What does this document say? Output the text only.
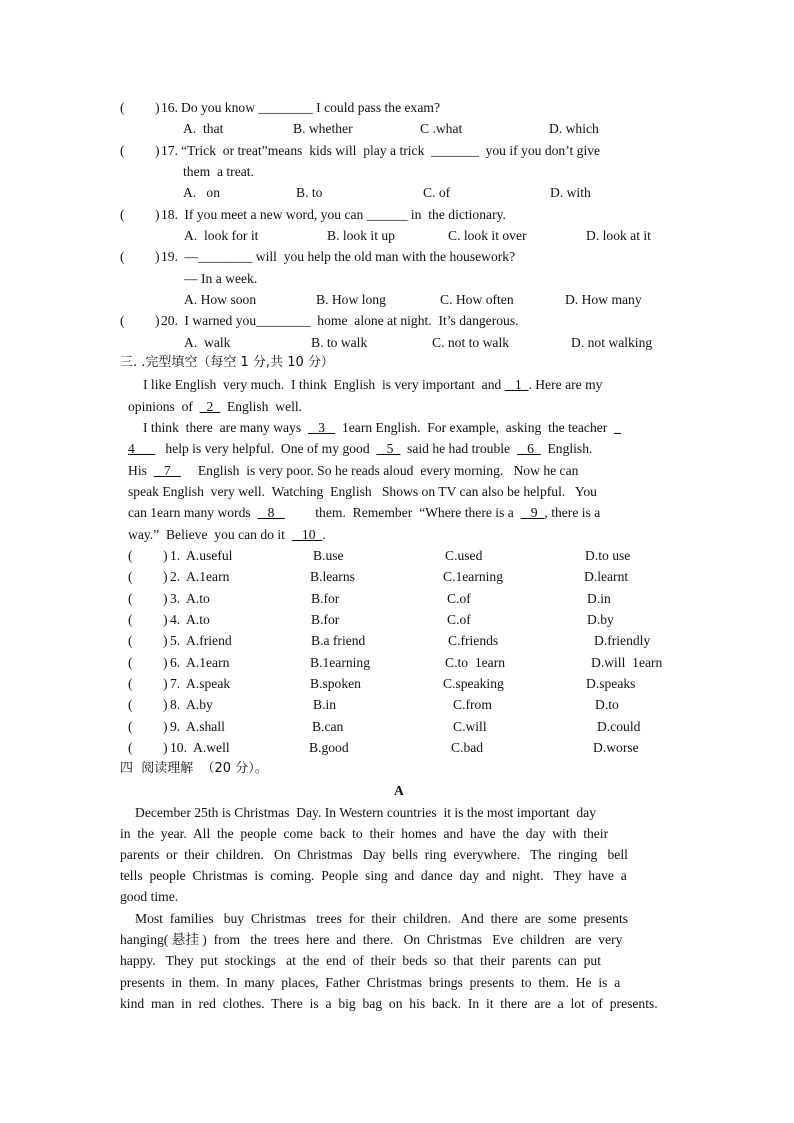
( ) 16. Do you know ________ I could pass the exam?
A.  that	B. whether	C .what	D. which
( ) 17. “Trick  or treat”means  kids will  play a trick  _______  you if you don’t give
them  a treat.
A.   on	B. to	C. of	D. with
( ) 18. If you meet a new word, you can ______ in  the dictionary.
A.  look for it	B. look it up	C. look it over	D. look at it
( ) 19. —________ will  you help the old man with the housework?
— In a week.
A. How soon	B. How long	C. How often	D. How many
( ) 20. I warned you________  home  alone at night.  It’s dangerous.
A.  walk	B. to walk	C. not to walk	D. not walking
三. .完型填空（每空 1 分,共 10 分）
I like English  very much.  I think  English  is very important  and  _1_. Here are my
opinions  of  _2_  English  well.
I think  there  are many ways   _3_   1earn English.  For example,  asking  the teacher  _
4___   help is very helpful.  One of my good   _5_  said he had trouble   _6_  English.
His   _7_      English  is very poor. So he reads aloud  every morning.   Now he can
speak English  very well.  Watching  English   Shows on TV can also be helpful.   You
can 1earn many words   _8_          them.  Remember  “Where there is a   _9_, there is a
way.”  Believe  you can do it   _10_.
( ) 1. A.useful	B.use	C.used	D.to use
( ) 2. A.1earn	B.learns	C.1earning	D.learnt
( ) 3. A.to	B.for	C.of	D.in
( ) 4. A.to	B.for	C.of	D.by
( ) 5. A.friend	B.a friend	C.friends	D.friendly
( ) 6. A.1earn	B.1earning	C.to  1earn	D.will  1earn
( ) 7. A.speak	B.spoken	C.speaking	D.speaks
( ) 8. A.by	B.in	C.from	D.to
( ) 9. A.shall	B.can	C.will	D.could
( ) 10. A.well	B.good	C.bad	D.worse
四  阅读理解  （20 分）。
A
December 25th is Christmas  Day. In Western countries  it is the most important  day
in  the  year.  All  the  people  come  back  to  their  homes  and  have  the  day  with  their
parents  or  their  children.   On  Christmas   Day  bells  ring  everywhere.   The  ringing   bell
tells  people  Christmas  is  coming.  People  sing  and  dance  day  and  night.   They  have  a
good time.
Most  families   buy  Christmas   trees  for  their  children.   And  there  are  some  presents
hanging( 悬挂 )  from   the  trees  here  and  there.   On  Christmas   Eve  children   are  very
happy.   They  put  stockings   at  the  end  of  their  beds  so  that  their  parents  can  put
presents  in  them.  In  many  places,  Father  Christmas  brings  presents  to  them.  He  is  a
kind  man  in  red  clothes.  There  is  a  big  bag  on  his  back.  In  it  there  are  a  lot  of  presents.
